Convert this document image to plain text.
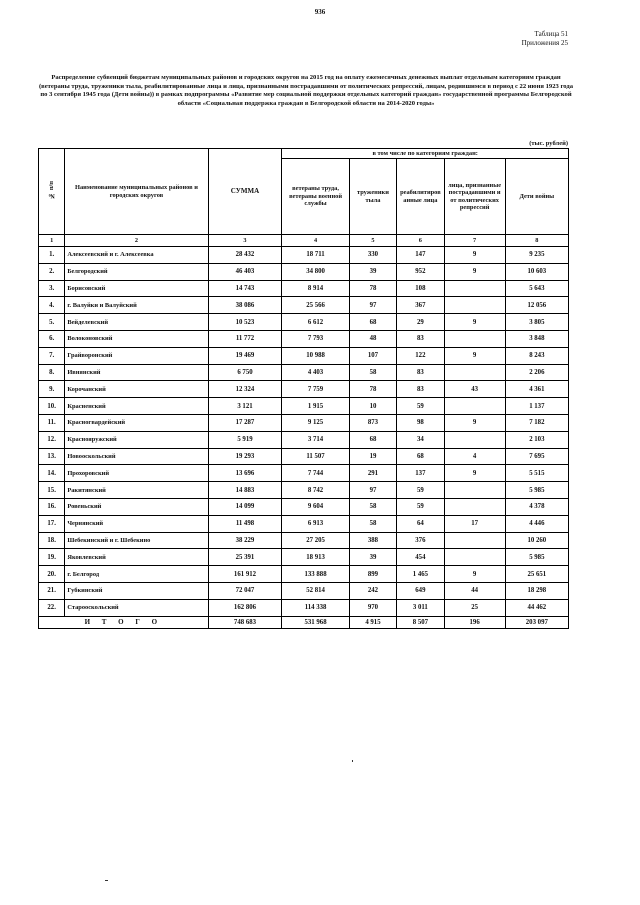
936
Таблица 51
Приложения 25
Распределение субвенций бюджетам муниципальных районов и городских округов на 2015 год на оплату ежемесячных денежных выплат отдельным категориям граждан (ветераны труда, труженики тыла, реабилитированные лица и лица, признанными пострадавшими от политических репрессий, лицам, родившимся в период с 22 июня 1923 года по 3 сентября 1945 года (Дети войны)) в рамках подпрограммы «Развитие мер социальной поддержки отдельных категорий граждан» государственной программы Белгородской области «Социальная поддержка граждан в Белгородской области на 2014-2020 годы»
(тыс. рублей)
№ п/п	Наименование муниципальных районов и городских округов	СУММА	в том числе по категориям граждан:				
			ветераны труда, ветераны военной службы	труженики тыла	реабилитиров анные лица	лица, признанные пострадавшими и от политических репрессий	Дети войны
1	2	3	4	5	6	7	8
1.	Алексеевский и г. Алексеевка	28 432	18 711	330	147	9	9 235
2.	Белгородский	46 403	34 800	39	952	9	10 603
3.	Борисовский	14 743	8 914	78	108		5 643
4.	г. Валуйки и Валуйский	38 086	25 566	97	367		12 056
5.	Вейделевский	10 523	6 612	68	29	9	3 805
6.	Волоконовский	11 772	7 793	48	83		3 848
7.	Грайворонский	19 469	10 988	107	122	9	8 243
8.	Ивнянский	6 750	4 403	58	83		2 206
9.	Корочанский	12 324	7 759	78	83	43	4 361
10.	Красненский	3 121	1 915	10	59		1 137
11.	Красногвардейский	17 287	9 125	873	98	9	7 182
12.	Краснояружский	5 919	3 714	68	34		2 103
13.	Новооскольский	19 293	11 507	19	68	4	7 695
14.	Прохоровский	13 696	7 744	291	137	9	5 515
15.	Ракитянский	14 883	8 742	97	59		5 985
16.	Ровеньский	14 099	9 604	58	59		4 378
17.	Чернянский	11 498	6 913	58	64	17	4 446
18.	Шебекинский и г. Шебекино	38 229	27 205	388	376		10 260
19.	Яковлевский	25 391	18 913	39	454		5 985
20.	г. Белгород	161 912	133 888	899	1 465	9	25 651
21.	Губкинский	72 047	52 814	242	649	44	18 298
22.	Старооскольский	162 806	114 338	970	3 011	25	44 462
И Т О Г О		748 683	531 968	4 915	8 507	196	203 097
